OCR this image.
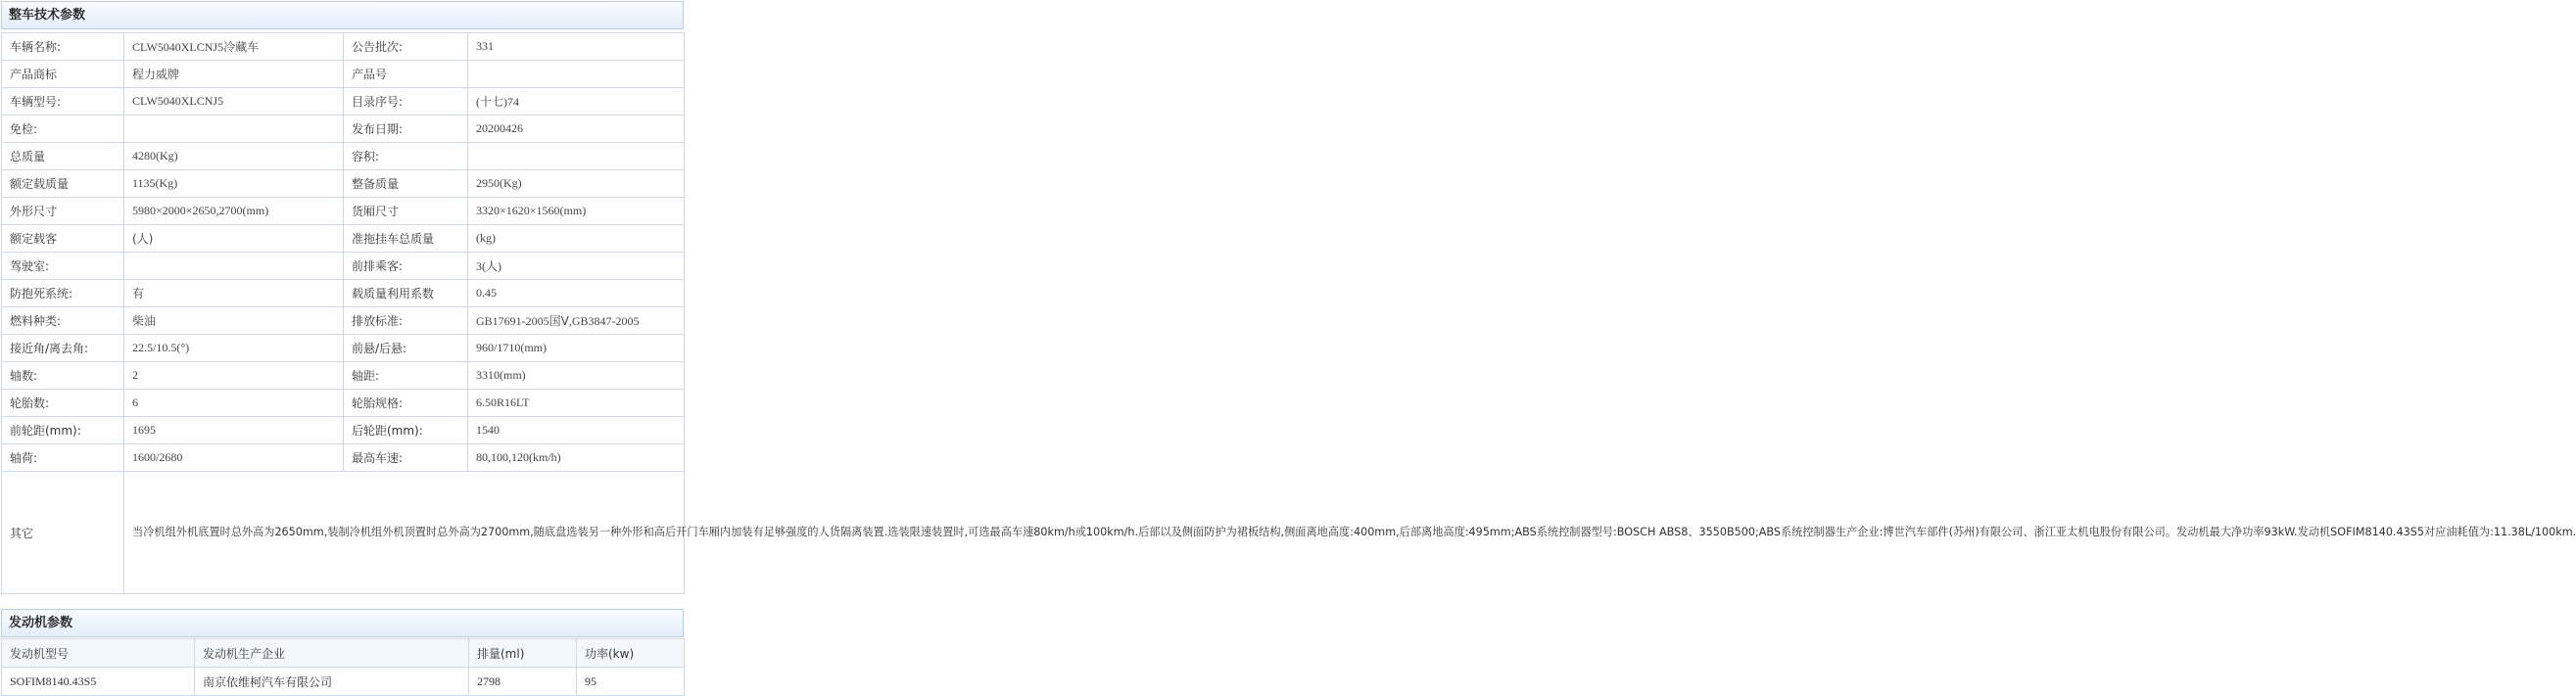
整车技术参数
车辆名称:	CLW5040XLCNJ5冷藏车	公告批次:	331
产品商标	程力威牌	产品号	
车辆型号:	CLW5040XLCNJ5	目录序号:	(十七)74
免检:		发布日期:	20200426
总质量	4280(Kg)	容积:	
额定载质量	1135(Kg)	整备质量	2950(Kg)
外形尺寸	5980×2000×2650,2700(mm)	货厢尺寸	3320×1620×1560(mm)
额定载客	(人)	准拖挂车总质量	(kg)
驾驶室:		前排乘客:	3(人)
防抱死系统:	有	载质量利用系数	0.45
燃料种类:	柴油	排放标准:	GB17691-2005国Ⅴ,GB3847-2005
接近角/离去角:	22.5/10.5(°)	前悬/后悬:	960/1710(mm)
轴数:	2	轴距:	3310(mm)
轮胎数:	6	轮胎规格:	6.50R16LT
前轮距(mm):	1695	后轮距(mm):	1540
轴荷:	1600/2680	最高车速:	80,100,120(km/h)
其它	当冷机组外机底置时总外高为2650mm,装制冷机组外机顶置时总外高为2700mm,随底盘选装另一种外形和高后开门车厢内加装有足够强度的人货隔离装置.选装限速装置时,可选最高车速80km/h或100km/h.后部以及侧面防护为裙板结构,侧面离地高度:400mm,后部离地高度:495mm;ABS系统控制器型号:BOSCH ABS8、3550B500;ABS系统控制器生产企业:博世汽车部件(苏州)有限公司、浙江亚太机电股份有限公司。发动机最大净功率93kW.发动机SOFIM8140.43S5对应油耗值为:11.38L/100km.		
发动机参数
发动机型号	发动机生产企业	排量(ml)	功率(kw)
SOFIM8140.43S5	南京依维柯汽车有限公司	2798	95
